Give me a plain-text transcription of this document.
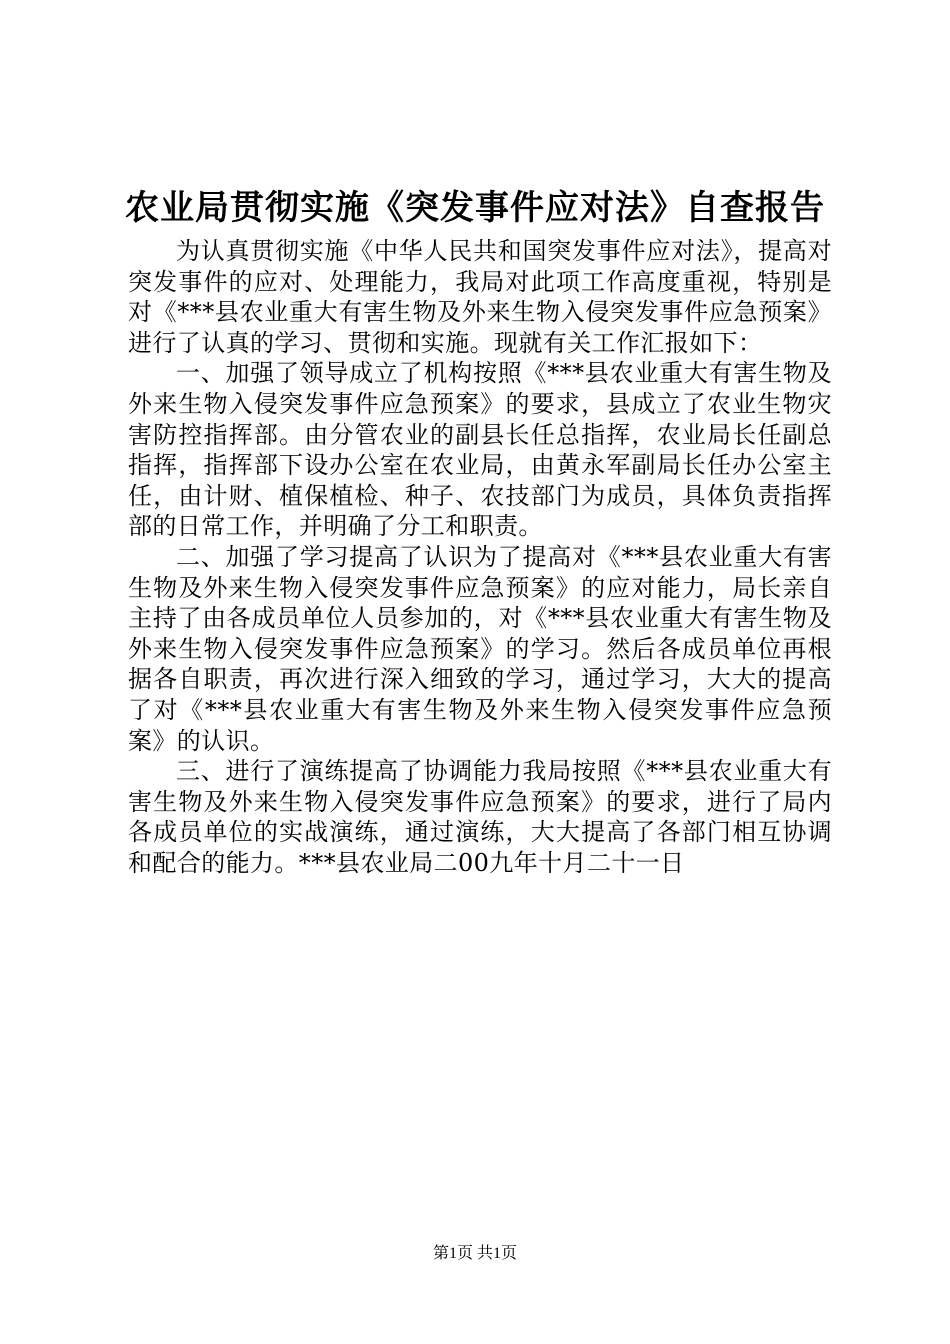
农业局贯彻实施《突发事件应对法》自查报告

为认真贯彻实施《中华人民共和国突发事件应对法》，提高对突发事件的应对、处理能力，我局对此项工作高度重视，特别是对《***县农业重大有害生物及外来生物入侵突发事件应急预案》进行了认真的学习、贯彻和实施。现就有关工作汇报如下：

一、加强了领导成立了机构按照《***县农业重大有害生物及外来生物入侵突发事件应急预案》的要求，县成立了农业生物灾害防控指挥部。由分管农业的副县长任总指挥，农业局长任副总指挥，指挥部下设办公室在农业局，由黄永军副局长任办公室主任，由计财、植保植检、种子、农技部门为成员，具体负责指挥部的日常工作，并明确了分工和职责。

二、加强了学习提高了认识为了提高对《***县农业重大有害生物及外来生物入侵突发事件应急预案》的应对能力，局长亲自主持了由各成员单位人员参加的，对《***县农业重大有害生物及外来生物入侵突发事件应急预案》的学习。然后各成员单位再根据各自职责，再次进行深入细致的学习，通过学习，大大的提高了对《***县农业重大有害生物及外来生物入侵突发事件应急预案》的认识。

三、进行了演练提高了协调能力我局按照《***县农业重大有害生物及外来生物入侵突发事件应急预案》的要求，进行了局内各成员单位的实战演练，通过演练，大大提高了各部门相互协调和配合的能力。***县农业局二00九年十月二十一日

第1页 共1页
